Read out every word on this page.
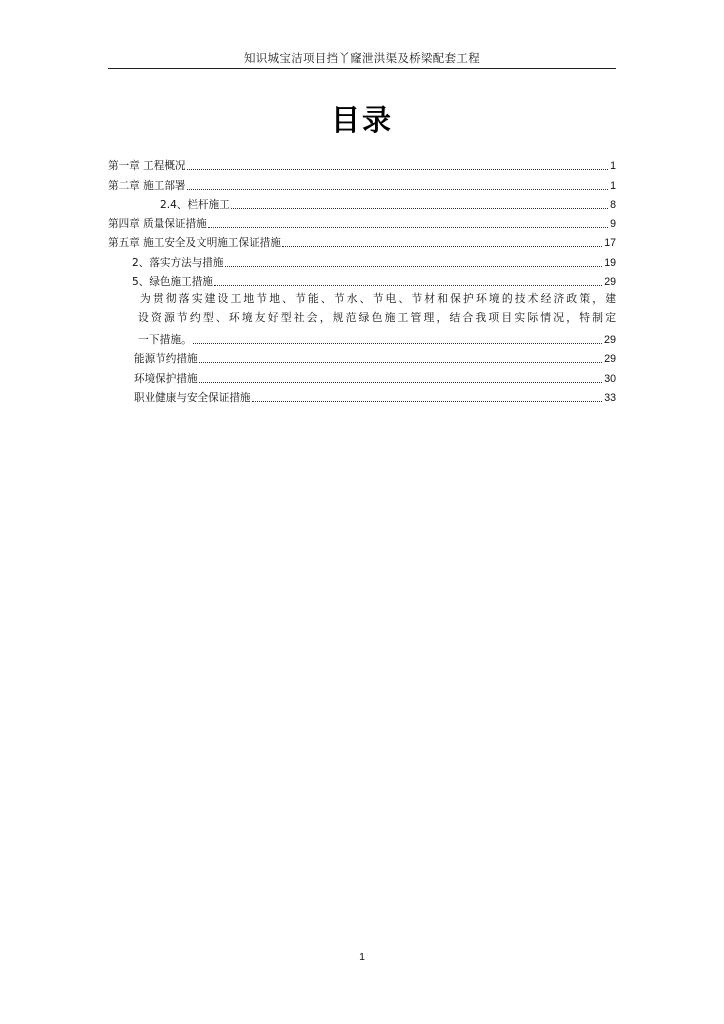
知识城宝洁项目挡丫窿泄洪渠及桥梁配套工程
目录
第一章 工程概况	1
第二章 施工部署	1
2.4、栏杆施工	8
第四章 质量保证措施	9
第五章 施工安全及文明施工保证措施	17
2、落实方法与措施	19
5、绿色施工措施	29
为贯彻落实建设工地节地、节能、节水、节电、节材和保护环境的技术经济政策，建
设资源节约型、环境友好型社会，规范绿色施工管理，结合我项目实际情况，特制定
一下措施。	29
能源节约措施	29
环境保护措施	30
职业健康与安全保证措施	33
1
